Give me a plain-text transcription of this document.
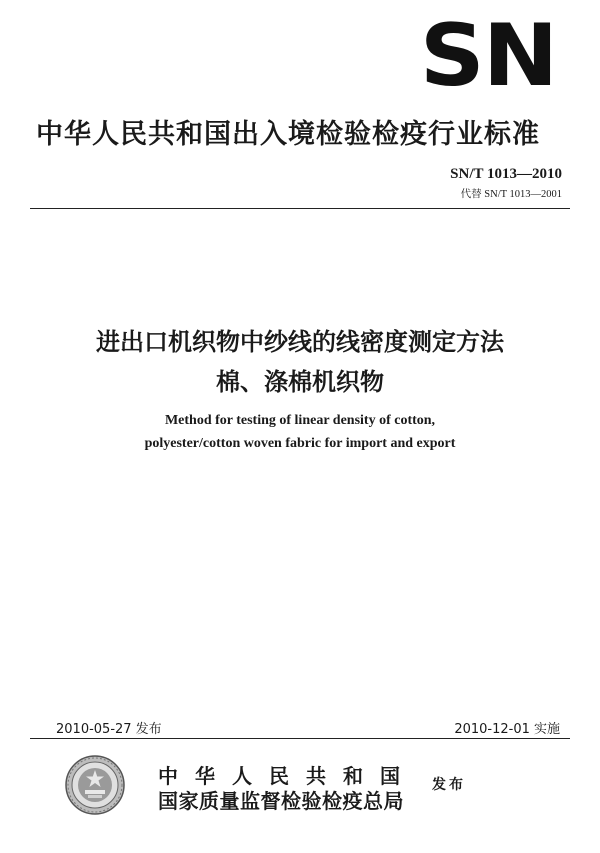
SN
中华人民共和国出入境检验检疫行业标准
SN/T 1013—2010
代替 SN/T 1013—2001
进出口机织物中纱线的线密度测定方法
棉、涤棉机织物
Method for testing of linear density of cotton,
polyester/cotton woven fabric for import and export
2010-05-27 发布	2010-12-01 实施
中华人民共和国
国家质量监督检验检疫总局
发布
